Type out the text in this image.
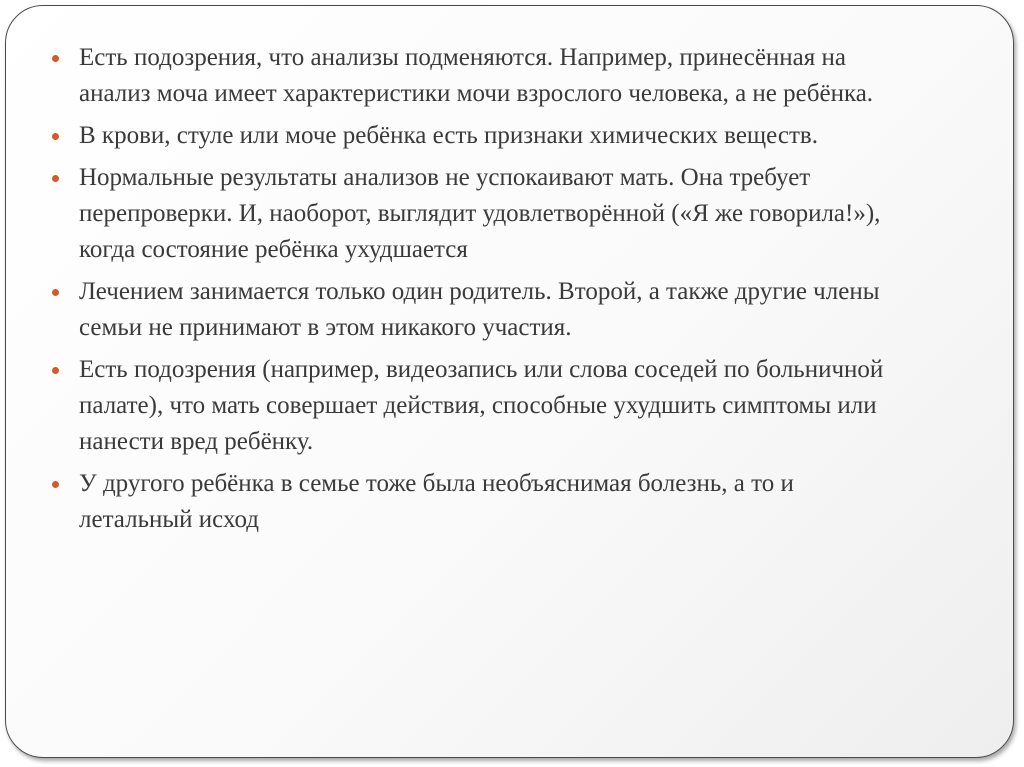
Есть подозрения, что анализы подменяются. Например, принесённая на анализ моча имеет характеристики мочи взрослого человека, а не ребёнка.
В крови, стуле или моче ребёнка есть признаки химических веществ.
Нормальные результаты анализов не успокаивают мать. Она требует перепроверки. И, наоборот, выглядит удовлетворённой («Я же говорила!»), когда состояние ребёнка ухудшается
Лечением занимается только один родитель. Второй, а также другие члены семьи не принимают в этом никакого участия.
Есть подозрения (например, видеозапись или слова соседей по больничной палате), что мать совершает действия, способные ухудшить симптомы или нанести вред ребёнку.
У другого ребёнка в семье тоже была необъяснимая болезнь, а то и летальный исход
